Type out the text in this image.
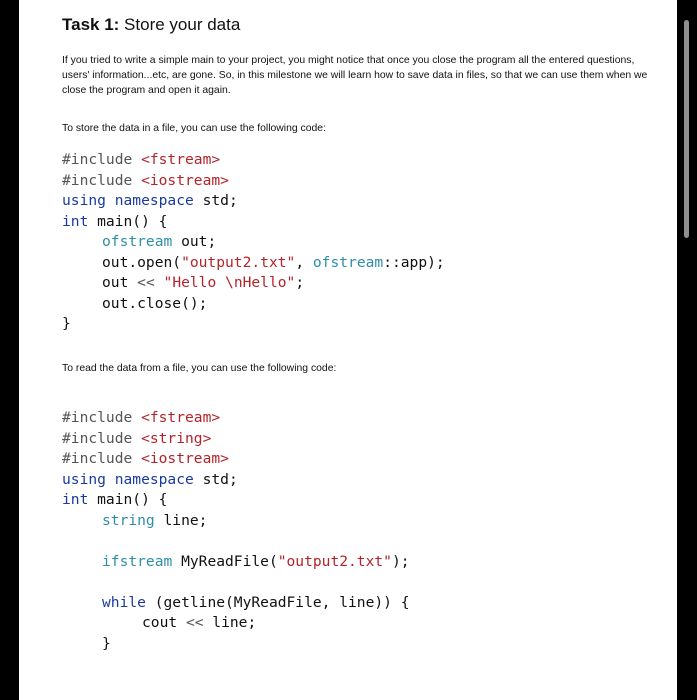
Task 1: Store your data
If you tried to write a simple main to your project, you might notice that once you close the program all the entered questions, users' information...etc, are gone. So, in this milestone we will learn how to save data in files, so that we can use them when we close the program and open it again.
To store the data in a file, you can use the following code:
#include <fstream>
#include <iostream>
using namespace std;
int main() {
ofstream out;
out.open("output2.txt", ofstream::app);
out << "Hello \nHello";
out.close();
}
To read the data from a file, you can use the following code:
#include <fstream>
#include <string>
#include <iostream>
using namespace std;
int main() {
string line;
ifstream MyReadFile("output2.txt");
while (getline(MyReadFile, line)) {
cout << line;
}
